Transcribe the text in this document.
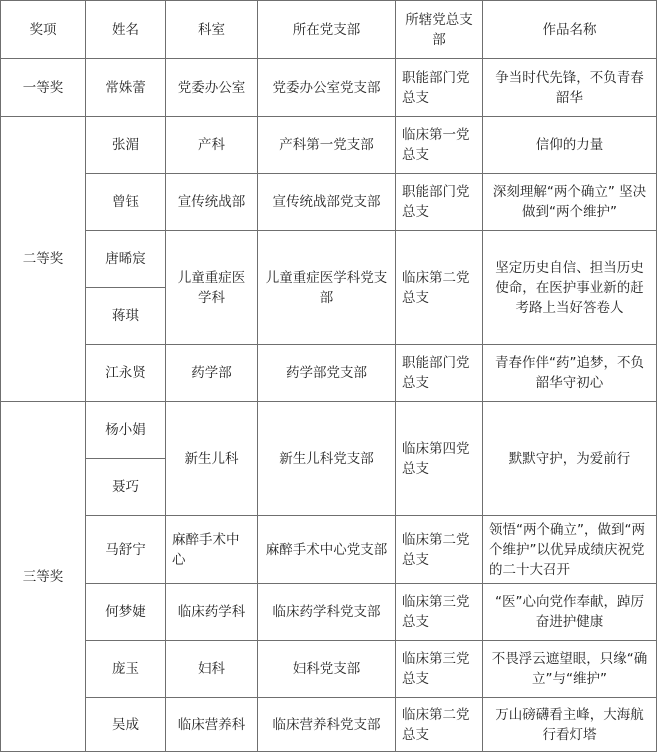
奖项	姓名	科室	所在党支部	所辖党总支部	作品名称
一等奖	常姝蕾	党委办公室	党委办公室党支部	职能部门党总支	争当时代先锋，不负青春韶华
二等奖	张湄	产科	产科第一党支部	临床第一党总支	信仰的力量
	曾钰	宣传统战部	宣传统战部党支部	职能部门党总支	深刻理解“两个确立” 坚决做到“两个维护”
	唐晞宸	儿童重症医学科	儿童重症医学科党支部	临床第二党总支	坚定历史自信、担当历史使命，在医护事业新的赶考路上当好答卷人
	蒋琪				
	江永贤	药学部	药学部党支部	职能部门党总支	青春作伴“药”追梦，不负韶华守初心
三等奖	杨小娟	新生儿科	新生儿科党支部	临床第四党总支	默默守护，为爱前行
	聂巧				
	马舒宁	麻醉手术中心	麻醉手术中心党支部	临床第二党总支	领悟“两个确立”，做到“两个维护”以优异成绩庆祝党的二十大召开
	何梦婕	临床药学科	临床药学科党支部	临床第三党总支	“医”心向党作奉献，踔厉奋进护健康
	庞玉	妇科	妇科党支部	临床第三党总支	不畏浮云遮望眼，只缘“确立”与“维护”
	吴成	临床营养科	临床营养科党支部	临床第二党总支	万山磅礴看主峰，大海航行看灯塔
